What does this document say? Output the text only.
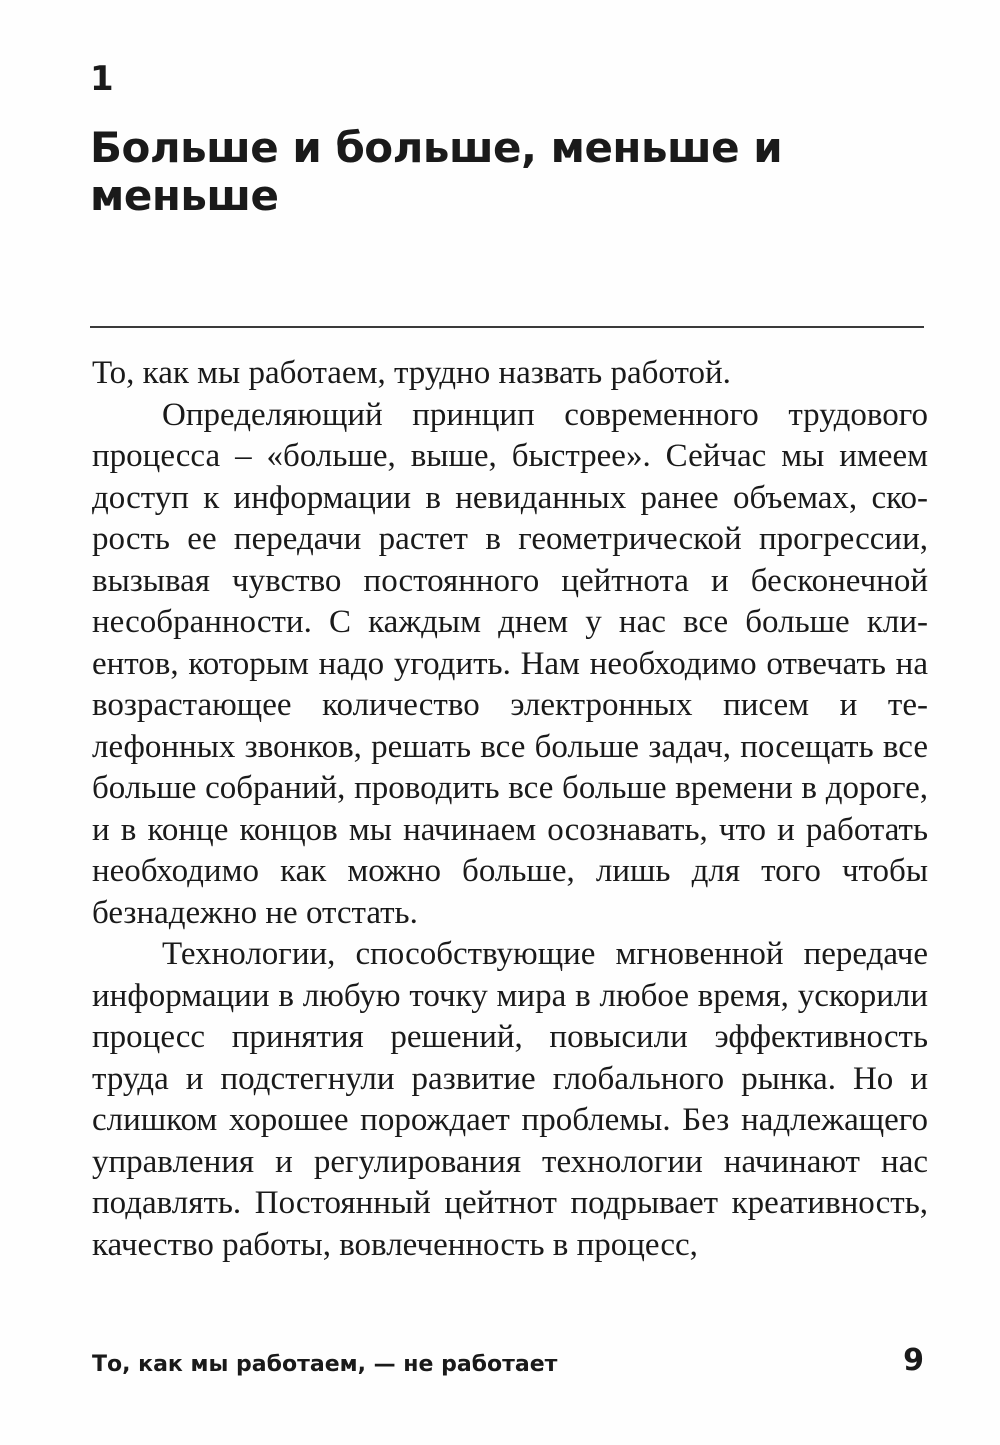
1
Больше и больше, меньше и меньше

То, как мы работаем, трудно назвать работой.

Определяющий принцип современного трудового процесса – «больше, выше, быстрее». Сейчас мы имеем доступ к информации в невиданных ранее объемах, скорость ее передачи растет в геометрической прогрессии, вызывая чувство постоянного цейтнота и бесконечной несобранности. С каждым днем у нас все больше клиентов, которым надо угодить. Нам необходимо отвечать на возрастающее количество электронных писем и телефонных звонков, решать все больше задач, посещать все больше собраний, проводить все больше времени в дороге, и в конце концов мы начинаем осознавать, что и работать необходимо как можно больше, лишь для того чтобы безнадежно не отстать.

Технологии, способствующие мгновенной передаче информации в любую точку мира в любое время, ускорили процесс принятия решений, повысили эффективность труда и подстегнули развитие глобального рынка. Но и слишком хорошее порождает проблемы. Без надлежащего управления и регулирования технологии начинают нас подавлять. Постоянный цейтнот подрывает креативность, качество работы, вовлеченность в процесс,

То, как мы работаем, — не работает	9
